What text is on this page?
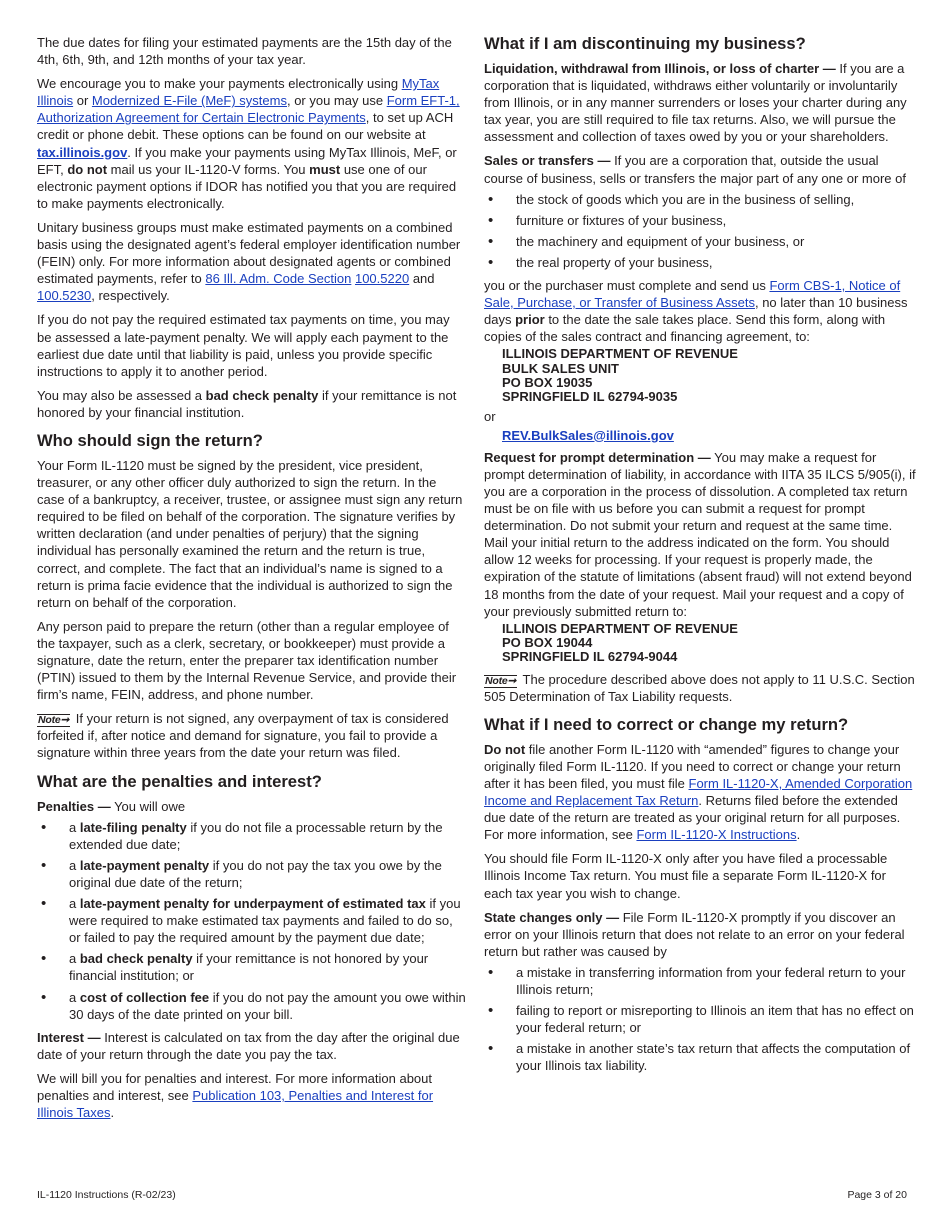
The due dates for filing your estimated payments are the 15th day of the 4th, 6th, 9th, and 12th months of your tax year.

We encourage you to make your payments electronically using MyTax Illinois or Modernized E-File (MeF) systems, or you may use Form EFT-1, Authorization Agreement for Certain Electronic Payments, to set up ACH credit or phone debit. These options can be found on our website at tax.illinois.gov. If you make your payments using MyTax Illinois, MeF, or EFT, do not mail us your IL-1120-V forms. You must use one of our electronic payment options if IDOR has notified you that you are required to make payments electronically.

Unitary business groups must make estimated payments on a combined basis using the designated agent’s federal employer identification number (FEIN) only. For more information about designated agents or combined estimated payments, refer to 86 Ill. Adm. Code Section 100.5220 and 100.5230, respectively.

If you do not pay the required estimated tax payments on time, you may be assessed a late-payment penalty. We will apply each payment to the earliest due date until that liability is paid, unless you provide specific instructions to apply it to another period.

You may also be assessed a bad check penalty if your remittance is not honored by your financial institution.

Who should sign the return?

Your Form IL-1120 must be signed by the president, vice president, treasurer, or any other officer duly authorized to sign the return. In the case of a bankruptcy, a receiver, trustee, or assignee must sign any return required to be filed on behalf of the corporation. The signature verifies by written declaration (and under penalties of perjury) that the signing individual has personally examined the return and the return is true, correct, and complete. The fact that an individual’s name is signed to a return is prima facie evidence that the individual is authorized to sign the return on behalf of the corporation.

Any person paid to prepare the return (other than a regular employee of the taxpayer, such as a clerk, secretary, or bookkeeper) must provide a signature, date the return, enter the preparer tax identification number (PTIN) issued to them by the Internal Revenue Service, and provide their firm’s name, FEIN, address, and phone number.

Note➞ If your return is not signed, any overpayment of tax is considered forfeited if, after notice and demand for signature, you fail to provide a signature within three years from the date your return was filed.

What are the penalties and interest?

Penalties — You will owe

• a late-filing penalty if you do not file a processable return by the extended due date;
• a late-payment penalty if you do not pay the tax you owe by the original due date of the return;
• a late-payment penalty for underpayment of estimated tax if you were required to make estimated tax payments and failed to do so, or failed to pay the required amount by the payment due date;
• a bad check penalty if your remittance is not honored by your financial institution; or
• a cost of collection fee if you do not pay the amount you owe within 30 days of the date printed on your bill.

Interest — Interest is calculated on tax from the day after the original due date of your return through the date you pay the tax.

We will bill you for penalties and interest. For more information about penalties and interest, see Publication 103, Penalties and Interest for Illinois Taxes.

What if I am discontinuing my business?

Liquidation, withdrawal from Illinois, or loss of charter — If you are a corporation that is liquidated, withdraws either voluntarily or involuntarily from Illinois, or in any manner surrenders or loses your charter during any tax year, you are still required to file tax returns. Also, we will pursue the assessment and collection of taxes owed by you or your shareholders.

Sales or transfers — If you are a corporation that, outside the usual course of business, sells or transfers the major part of any one or more of

• the stock of goods which you are in the business of selling,
• furniture or fixtures of your business,
• the machinery and equipment of your business, or
• the real property of your business,

you or the purchaser must complete and send us Form CBS-1, Notice of Sale, Purchase, or Transfer of Business Assets, no later than 10 business days prior to the date the sale takes place. Send this form, along with copies of the sales contract and financing agreement, to:

ILLINOIS DEPARTMENT OF REVENUE
BULK SALES UNIT
PO BOX 19035
SPRINGFIELD IL 62794-9035

or

REV.BulkSales@illinois.gov

Request for prompt determination — You may make a request for prompt determination of liability, in accordance with IITA 35 ILCS 5/905(i), if you are a corporation in the process of dissolution. A completed tax return must be on file with us before you can submit a request for prompt determination. Do not submit your return and request at the same time. Mail your initial return to the address indicated on the form. You should allow 12 weeks for processing. If your request is properly made, the expiration of the statute of limitations (absent fraud) will not extend beyond 18 months from the date of your request. Mail your request and a copy of your previously submitted return to:

ILLINOIS DEPARTMENT OF REVENUE
PO BOX 19044
SPRINGFIELD IL 62794-9044

Note➞ The procedure described above does not apply to 11 U.S.C. Section 505 Determination of Tax Liability requests.

What if I need to correct or change my return?

Do not file another Form IL-1120 with “amended” figures to change your originally filed Form IL-1120. If you need to correct or change your return after it has been filed, you must file Form IL-1120-X, Amended Corporation Income and Replacement Tax Return. Returns filed before the extended due date of the return are treated as your original return for all purposes. For more information, see Form IL-1120-X Instructions.

You should file Form IL-1120-X only after you have filed a processable Illinois Income Tax return. You must file a separate Form IL-1120-X for each tax year you wish to change.

State changes only — File Form IL-1120-X promptly if you discover an error on your Illinois return that does not relate to an error on your federal return but rather was caused by

• a mistake in transferring information from your federal return to your Illinois return;
• failing to report or misreporting to Illinois an item that has no effect on your federal return; or
• a mistake in another state’s tax return that affects the computation of your Illinois tax liability.
IL-1120 Instructions (R-02/23)	Page 3 of 20
